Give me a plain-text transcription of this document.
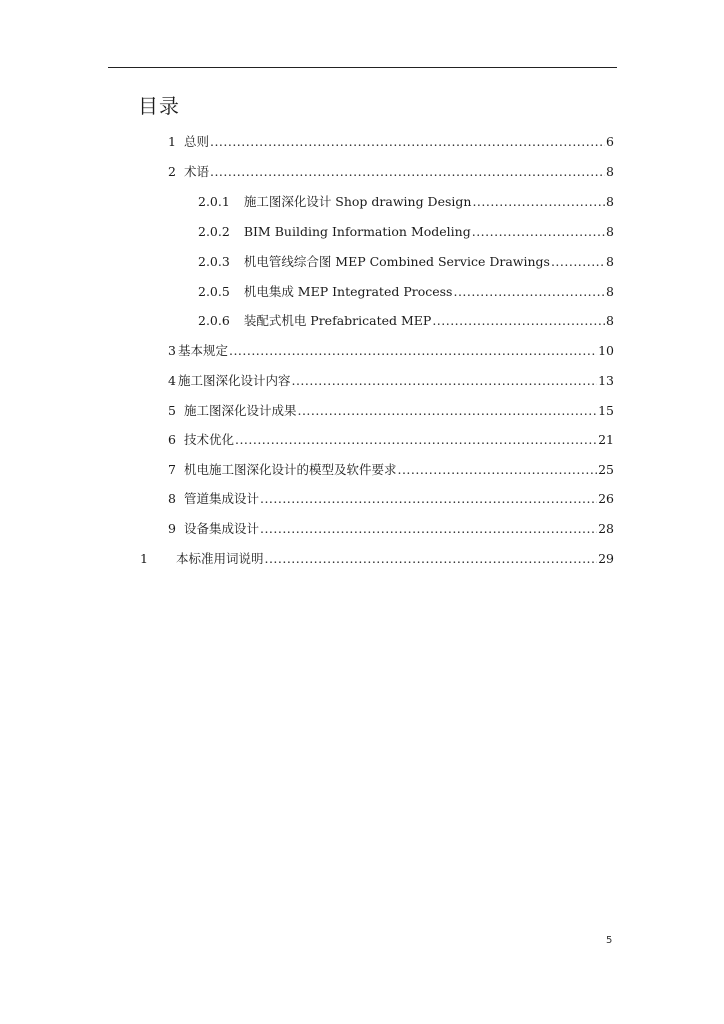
目录
1 总则 .....	6
2 术语 .....	8
2.0.1 施工图深化设计 Shop drawing Design .....	8
2.0.2 BIM Building Information Modeling .....	8
2.0.3 机电管线综合图 MEP Combined Service Drawings .....	8
2.0.5 机电集成 MEP Integrated Process .....	8
2.0.6 装配式机电 Prefabricated MEP .....	8
3 基本规定 .....	10
4 施工图深化设计内容 .....	13
5 施工图深化设计成果 .....	15
6 技术优化 .....	21
7 机电施工图深化设计的模型及软件要求 .....	25
8 管道集成设计 .....	26
9 设备集成设计 .....	28
1 本标准用词说明 .....	29
5
